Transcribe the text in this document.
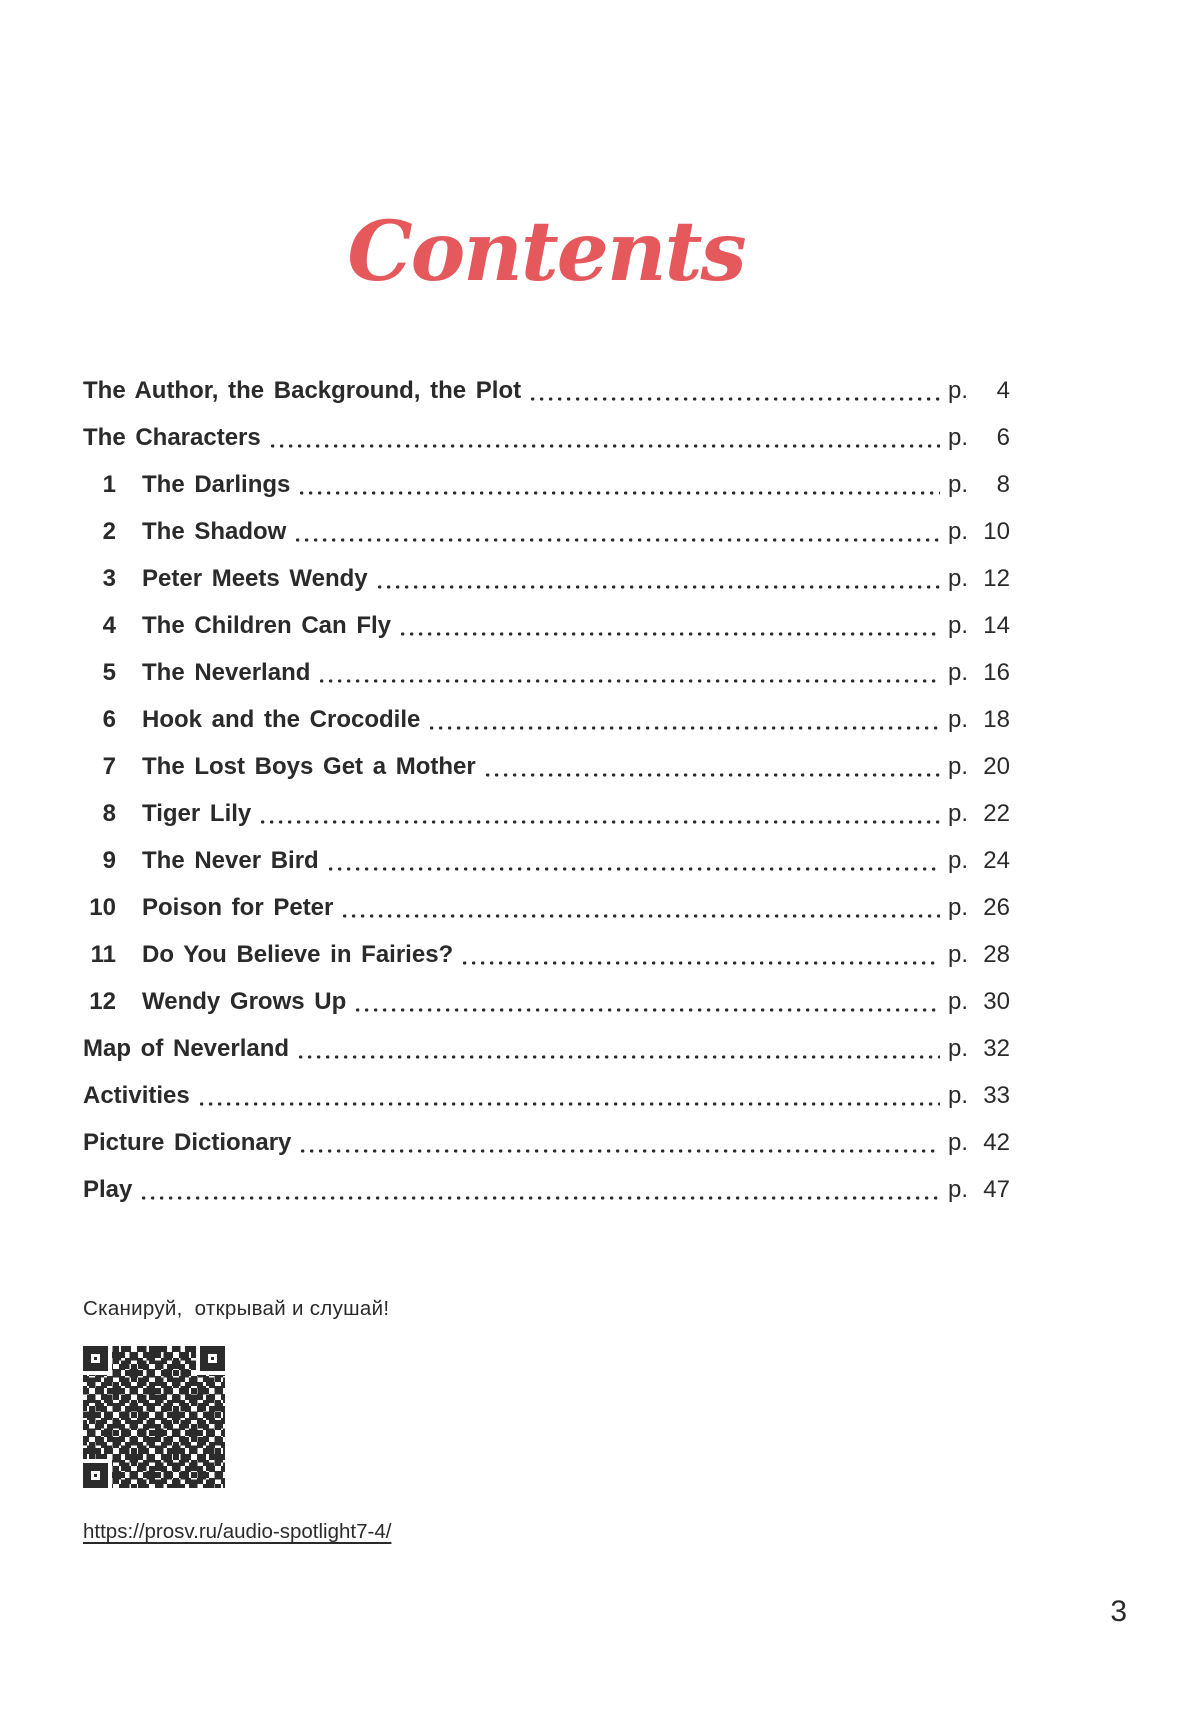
Contents
The Author, the Background, the Plot	p.	4
The Characters	p.	6
1 The Darlings	p.	8
2 The Shadow	p. 10
3 Peter Meets Wendy	p. 12
4 The Children Can Fly	p. 14
5 The Neverland	p. 16
6 Hook and the Crocodile	p. 18
7 The Lost Boys Get a Mother	p. 20
8 Tiger Lily	p. 22
9 The Never Bird	p. 24
10 Poison for Peter	p. 26
11 Do You Believe in Fairies?	p. 28
12 Wendy Grows Up	p. 30
Map of Neverland	p. 32
Activities	p. 33
Picture Dictionary	p. 42
Play	p. 47
Сканируй,  открывай и слушай!
https://prosv.ru/audio-spotlight7-4/
3
